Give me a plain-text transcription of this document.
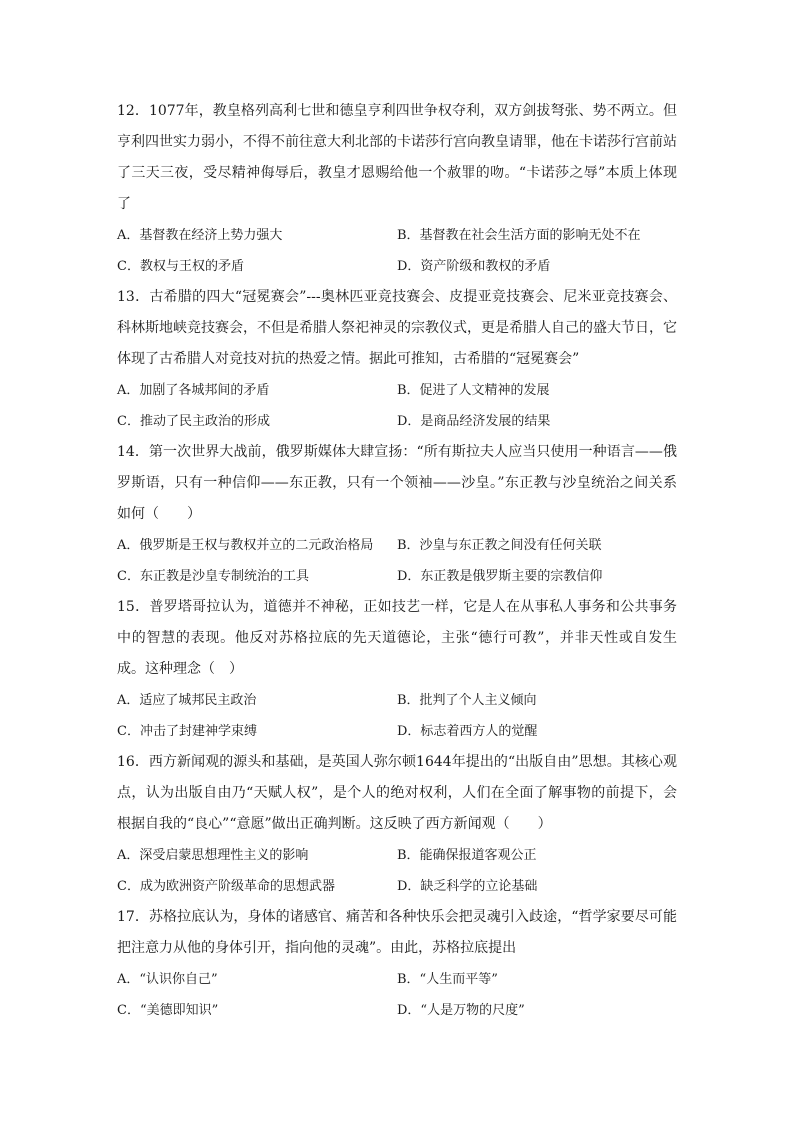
12．1077年，教皇格列高利七世和德皇亨利四世争权夺利，双方剑拔弩张、势不两立。但亨利四世实力弱小，不得不前往意大利北部的卡诺莎行宫向教皇请罪，他在卡诺莎行宫前站了三天三夜，受尽精神侮辱后，教皇才恩赐给他一个赦罪的吻。“卡诺莎之辱”本质上体现了

A．基督教在经济上势力强大	B．基督教在社会生活方面的影响无处不在
C．教权与王权的矛盾	D．资产阶级和教权的矛盾

13．古希腊的四大“冠冕赛会”---奥林匹亚竞技赛会、皮提亚竞技赛会、尼米亚竞技赛会、科林斯地峡竞技赛会，不但是希腊人祭祀神灵的宗教仪式，更是希腊人自己的盛大节日，它体现了古希腊人对竞技对抗的热爱之情。据此可推知，古希腊的“冠冕赛会”

A．加剧了各城邦间的矛盾	B．促进了人文精神的发展
C．推动了民主政治的形成	D．是商品经济发展的结果

14．第一次世界大战前，俄罗斯媒体大肆宣扬：“所有斯拉夫人应当只使用一种语言——俄罗斯语，只有一种信仰——东正教，只有一个领袖——沙皇。”东正教与沙皇统治之间关系如何（　　）

A．俄罗斯是王权与教权并立的二元政治格局	B．沙皇与东正教之间没有任何关联
C．东正教是沙皇专制统治的工具	D．东正教是俄罗斯主要的宗教信仰

15．普罗塔哥拉认为，道德并不神秘，正如技艺一样，它是人在从事私人事务和公共事务中的智慧的表现。他反对苏格拉底的先天道德论，主张“德行可教”，并非天性或自发生成。这种理念（　）

A．适应了城邦民主政治	B．批判了个人主义倾向
C．冲击了封建神学束缚	D．标志着西方人的觉醒

16．西方新闻观的源头和基础，是英国人弥尔顿1644年提出的“出版自由”思想。其核心观点，认为出版自由乃“天赋人权”，是个人的绝对权利，人们在全面了解事物的前提下，会根据自我的“良心”“意愿”做出正确判断。这反映了西方新闻观（　　）

A．深受启蒙思想理性主义的影响	B．能确保报道客观公正
C．成为欧洲资产阶级革命的思想武器	D．缺乏科学的立论基础

17．苏格拉底认为，身体的诸感官、痛苦和各种快乐会把灵魂引入歧途，“哲学家要尽可能把注意力从他的身体引开，指向他的灵魂”。由此，苏格拉底提出

A．“认识你自己”	B．“人生而平等”
C．“美德即知识”	D．“人是万物的尺度”
